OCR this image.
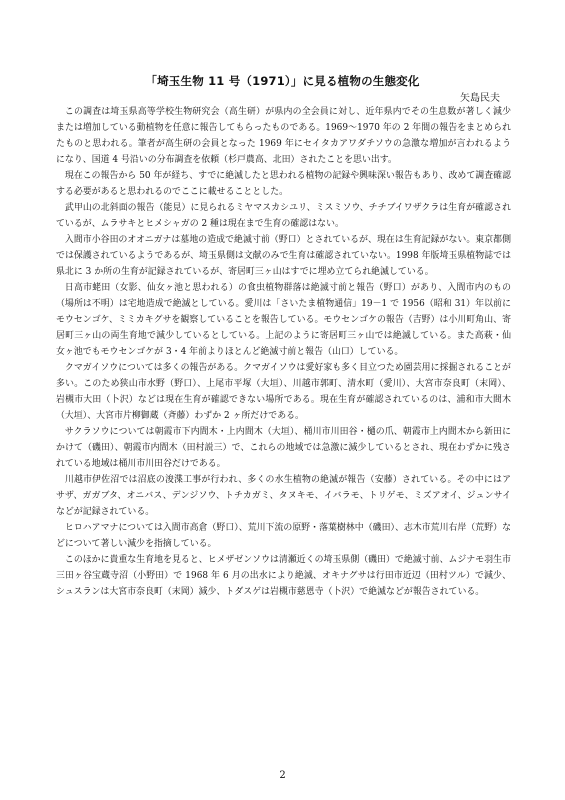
「埼玉生物 11 号（1971）」に見る植物の生態変化
矢島民夫

この調査は埼玉県高等学校生物研究会（高生研）が県内の全会員に対し、近年県内でその生息数が著しく減少または増加している動植物を任意に報告してもらったものである。1969～1970 年の 2 年間の報告をまとめられたものと思われる。筆者が高生研の会員となった 1969 年にセイタカアワダチソウの急激な増加が言われるようになり、国道 4 号沿いの分布調査を依頼（杉戸農高、北田）されたことを思い出す。

現在この報告から 50 年が経ち、すでに絶滅したと思われる植物の記録や興味深い報告もあり、改めて調査確認する必要があると思われるのでここに載せることとした。

武甲山の北斜面の報告（能見）に見られるミヤマスカシユリ、ミスミソウ、チチブイワザクラは生育が確認されているが、ムラサキとヒメシャガの 2 種は現在まで生育の確認はない。

入間市小谷田のオオニガナは墓地の造成で絶滅寸前（野口）とされているが、現在は生育記録がない。東京都側では保護されているようであるが、埼玉県側は文献のみで生育は確認されていない。1998 年版埼玉県植物誌では県北に 3 か所の生育が記録されているが、寄居町三ヶ山はすでに埋め立てられ絶滅している。

日高市蛯田（女影、仙女ヶ池と思われる）の食虫植物群落は絶滅寸前と報告（野口）があり、入間市内のもの（場所は不明）は宅地造成で絶滅としている。愛川は「さいたま植物通信」19－1 で 1956（昭和 31）年以前にモウセンゴケ、ミミカキグサを観察していることを報告している。モウセンゴケの報告（吉野）は小川町角山、寄居町三ヶ山の両生育地で減少しているとしている。上記のように寄居町三ヶ山では絶滅している。また高萩・仙女ヶ池でもモウセンゴケが 3・4 年前よりほとんど絶滅寸前と報告（山口）している。

クマガイソウについては多くの報告がある。クマガイソウは愛好家も多く目立つため園芸用に採掘されることが多い。このため狭山市水野（野口）、上尾市平塚（大垣）、川越市郭町、清水町（愛川）、大宮市奈良町（末岡）、岩槻市大田（卜沢）などは現在生育が確認できない場所である。現在生育が確認されているのは、浦和市大間木（大垣）、大宮市片柳御蔵（斉藤）わずか 2 ヶ所だけである。

サクラソウについては朝霞市下内間木・上内間木（大垣）、桶川市川田谷・樋の爪、朝霞市上内間木から新田にかけて（磯田）、朝霞市内間木（田村説三）で、これらの地域では急激に減少しているとされ、現在わずかに残されている地域は桶川市川田谷だけである。

川越市伊佐沼では沼底の浚渫工事が行われ、多くの水生植物の絶滅が報告（安藤）されている。その中にはアサザ、ガガブタ、オニバス、デンジソウ、トチカガミ、タヌキモ、イバラモ、トリゲモ、ミズアオイ、ジュンサイなどが記録されている。

ヒロハアマナについては入間市高倉（野口）、荒川下流の原野・落葉樹林中（磯田）、志木市荒川右岸（荒野）などについて著しい減少を指摘している。

このほかに貴重な生育地を見ると、ヒメザゼンソウは清瀬近くの埼玉県側（磯田）で絶滅寸前、ムジナモ羽生市三田ヶ谷宝蔵寺沼（小野田）で 1968 年 6 月の出水により絶滅、オキナグサは行田市近辺（田村ツル）で減少、シュスランは大宮市奈良町（末岡）減少、トダスゲは岩槻市慈恩寺（卜沢）で絶滅などが報告されている。

2
